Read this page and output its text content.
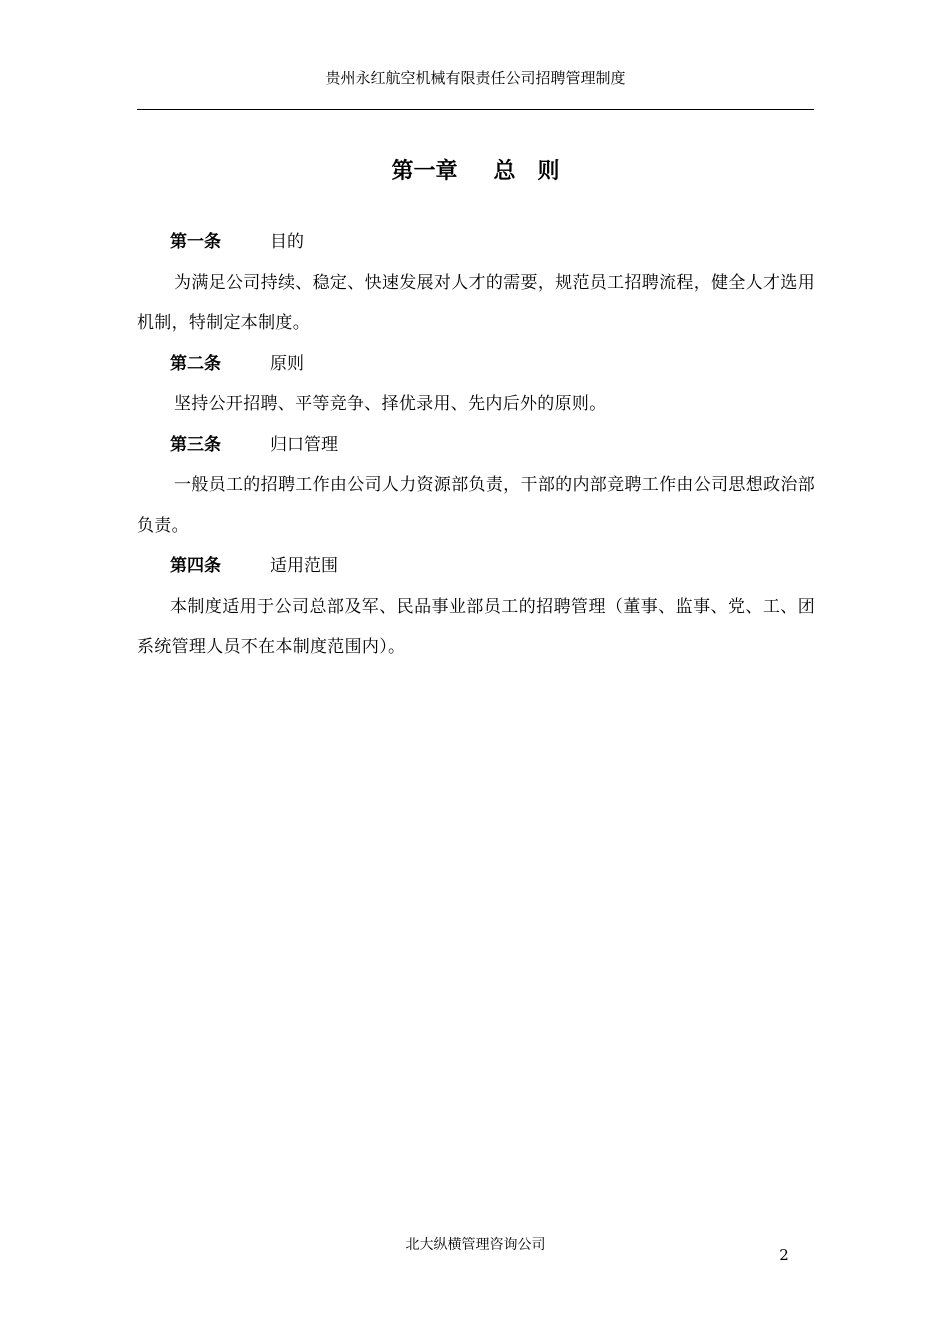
贵州永红航空机械有限责任公司招聘管理制度
第一章 总 则
第一条	目的
为满足公司持续、稳定、快速发展对人才的需要，规范员工招聘流程，健全人才选用机制，特制定本制度。
第二条	原则
坚持公开招聘、平等竞争、择优录用、先内后外的原则。
第三条	归口管理
一般员工的招聘工作由公司人力资源部负责，干部的内部竞聘工作由公司思想政治部负责。
第四条	适用范围
本制度适用于公司总部及军、民品事业部员工的招聘管理（董事、监事、党、工、团系统管理人员不在本制度范围内）。
北大纵横管理咨询公司
2
